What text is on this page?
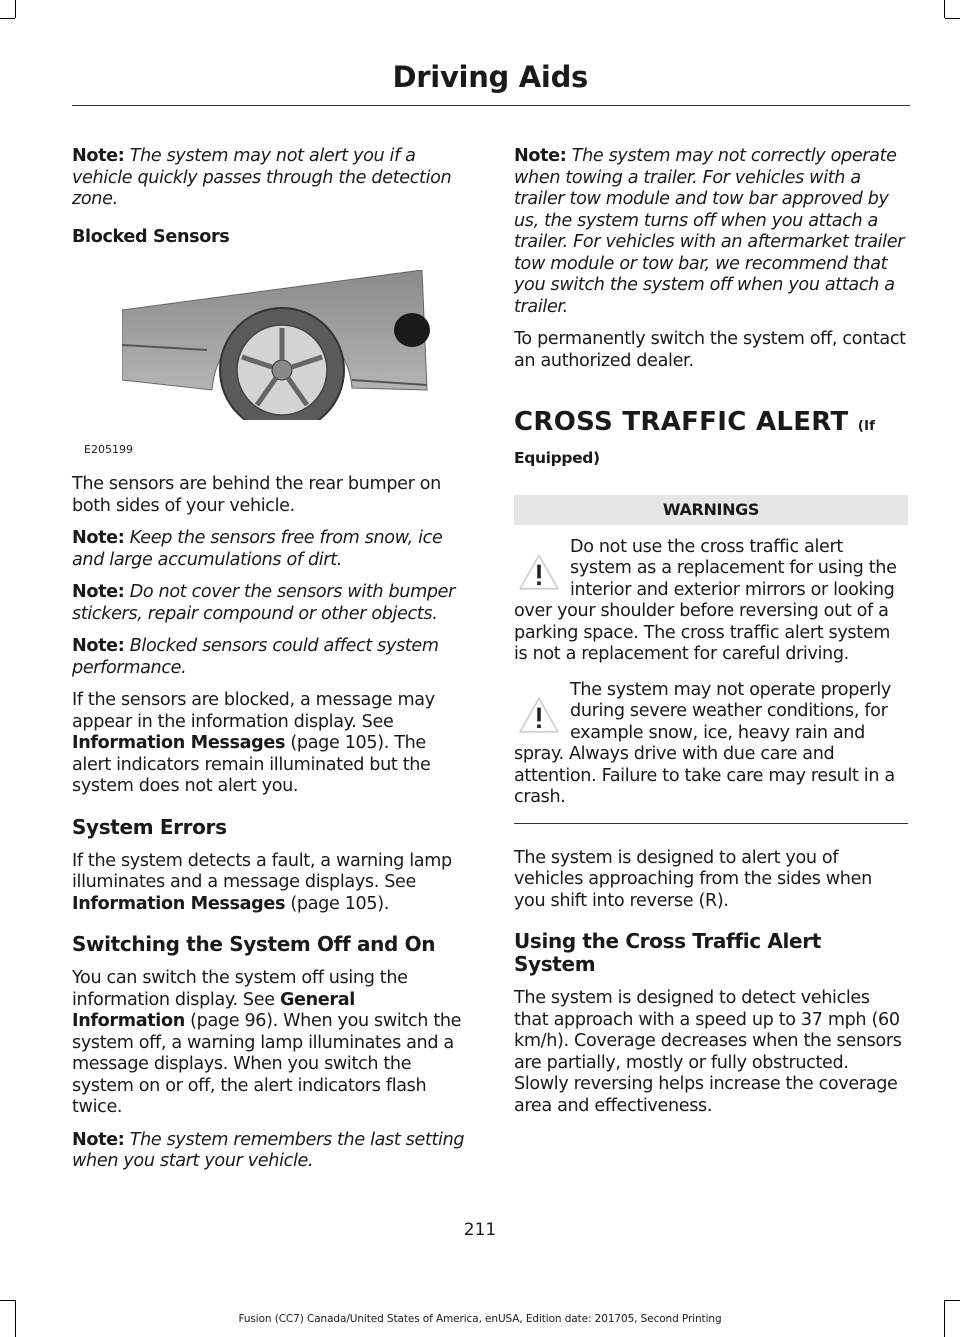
Driving Aids

Note: The system may not alert you if a vehicle quickly passes through the detection zone.

Blocked Sensors

E205199

The sensors are behind the rear bumper on both sides of your vehicle.

Note: Keep the sensors free from snow, ice and large accumulations of dirt.

Note: Do not cover the sensors with bumper stickers, repair compound or other objects.

Note: Blocked sensors could affect system performance.

If the sensors are blocked, a message may appear in the information display. See Information Messages (page 105). The alert indicators remain illuminated but the system does not alert you.

System Errors

If the system detects a fault, a warning lamp illuminates and a message displays. See Information Messages (page 105).

Switching the System Off and On

You can switch the system off using the information display. See General Information (page 96). When you switch the system off, a warning lamp illuminates and a message displays. When you switch the system on or off, the alert indicators flash twice.

Note: The system remembers the last setting when you start your vehicle.

Note: The system may not correctly operate when towing a trailer. For vehicles with a trailer tow module and tow bar approved by us, the system turns off when you attach a trailer. For vehicles with an aftermarket trailer tow module or tow bar, we recommend that you switch the system off when you attach a trailer.

To permanently switch the system off, contact an authorized dealer.

CROSS TRAFFIC ALERT (If
Equipped)
WARNINGS
Do not use the cross traffic alert system as a replacement for using the interior and exterior mirrors or looking over your shoulder before reversing out of a parking space. The cross traffic alert system is not a replacement for careful driving.
The system may not operate properly during severe weather conditions, for example snow, ice, heavy rain and spray. Always drive with due care and attention. Failure to take care may result in a crash.

The system is designed to alert you of vehicles approaching from the sides when you shift into reverse (R).

Using the Cross Traffic Alert System

The system is designed to detect vehicles that approach with a speed up to 37 mph (60 km/h). Coverage decreases when the sensors are partially, mostly or fully obstructed. Slowly reversing helps increase the coverage area and effectiveness.

211
Fusion (CC7) Canada/United States of America, enUSA, Edition date: 201705, Second Printing
